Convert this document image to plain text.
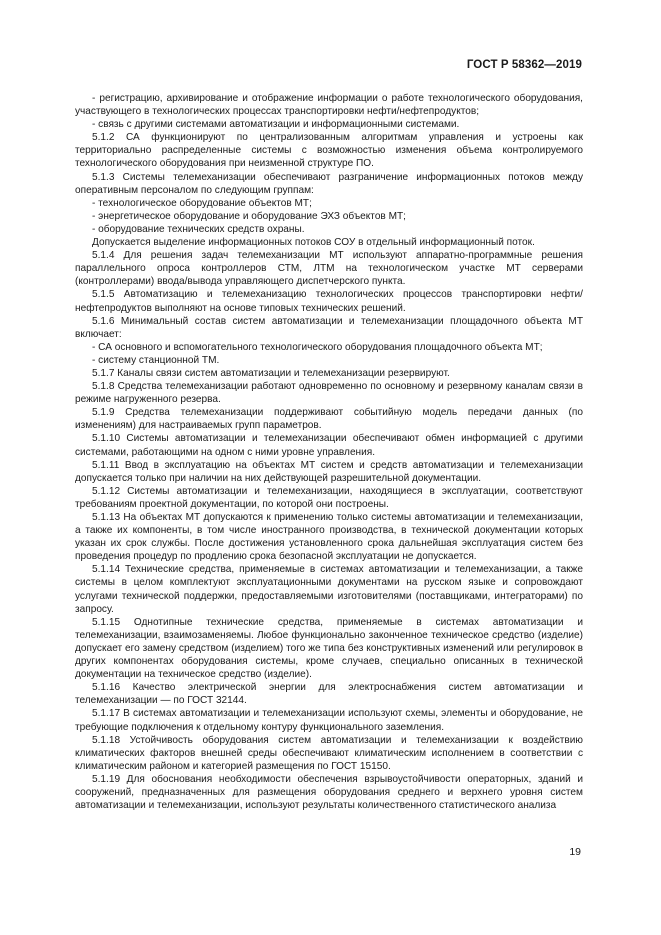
ГОСТ Р 58362—2019

- регистрацию, архивирование и отображение информации о работе технологического оборудования, участвующего в технологических процессах транспортировки нефти/нефтепродуктов;

- связь с другими системами автоматизации и информационными системами.

5.1.2 СА функционируют по централизованным алгоритмам управления и устроены как территориально распределенные системы с возможностью изменения объема контролируемого технологического оборудования при неизменной структуре ПО.

5.1.3 Системы телемеханизации обеспечивают разграничение информационных потоков между оперативным персоналом по следующим группам:

- технологическое оборудование объектов МТ;

- энергетическое оборудование и оборудование ЭХЗ объектов МТ;

- оборудование технических средств охраны.

Допускается выделение информационных потоков СОУ в отдельный информационный поток.

5.1.4 Для решения задач телемеханизации МТ используют аппаратно-программные решения параллельного опроса контроллеров СТМ, ЛТМ на технологическом участке МТ серверами (контроллерами) ввода/вывода управляющего диспетчерского пункта.

5.1.5 Автоматизацию и телемеханизацию технологических процессов транспортировки нефти/нефтепродуктов выполняют на основе типовых технических решений.

5.1.6 Минимальный состав систем автоматизации и телемеханизации площадочного объекта МТ включает:

- СА основного и вспомогательного технологического оборудования площадочного объекта МТ;

- систему станционной ТМ.

5.1.7 Каналы связи систем автоматизации и телемеханизации резервируют.

5.1.8 Средства телемеханизации работают одновременно по основному и резервному каналам связи в режиме нагруженного резерва.

5.1.9 Средства телемеханизации поддерживают событийную модель передачи данных (по изменениям) для настраиваемых групп параметров.

5.1.10 Системы автоматизации и телемеханизации обеспечивают обмен информацией с другими системами, работающими на одном с ними уровне управления.

5.1.11 Ввод в эксплуатацию на объектах МТ систем и средств автоматизации и телемеханизации допускается только при наличии на них действующей разрешительной документации.

5.1.12 Системы автоматизации и телемеханизации, находящиеся в эксплуатации, соответствуют требованиям проектной документации, по которой они построены.

5.1.13 На объектах МТ допускаются к применению только системы автоматизации и телемеханизации, а также их компоненты, в том числе иностранного производства, в технической документации которых указан их срок службы. После достижения установленного срока дальнейшая эксплуатация систем без проведения процедур по продлению срока безопасной эксплуатации не допускается.

5.1.14 Технические средства, применяемые в системах автоматизации и телемеханизации, а также системы в целом комплектуют эксплуатационными документами на русском языке и сопровождают услугами технической поддержки, предоставляемыми изготовителями (поставщиками, интеграторами) по запросу.

5.1.15 Однотипные технические средства, применяемые в системах автоматизации и телемеханизации, взаимозаменяемы. Любое функционально законченное техническое средство (изделие) допускает его замену средством (изделием) того же типа без конструктивных изменений или регулировок в других компонентах оборудования системы, кроме случаев, специально описанных в технической документации на техническое средство (изделие).

5.1.16 Качество электрической энергии для электроснабжения систем автоматизации и телемеханизации — по ГОСТ 32144.

5.1.17 В системах автоматизации и телемеханизации используют схемы, элементы и оборудование, не требующие подключения к отдельному контуру функционального заземления.

5.1.18 Устойчивость оборудования систем автоматизации и телемеханизации к воздействию климатических факторов внешней среды обеспечивают климатическим исполнением в соответствии с климатическим районом и категорией размещения по ГОСТ 15150.

5.1.19 Для обоснования необходимости обеспечения взрывоустойчивости операторных, зданий и сооружений, предназначенных для размещения оборудования среднего и верхнего уровня систем автоматизации и телемеханизации, используют результаты количественного статистического анализа

19
